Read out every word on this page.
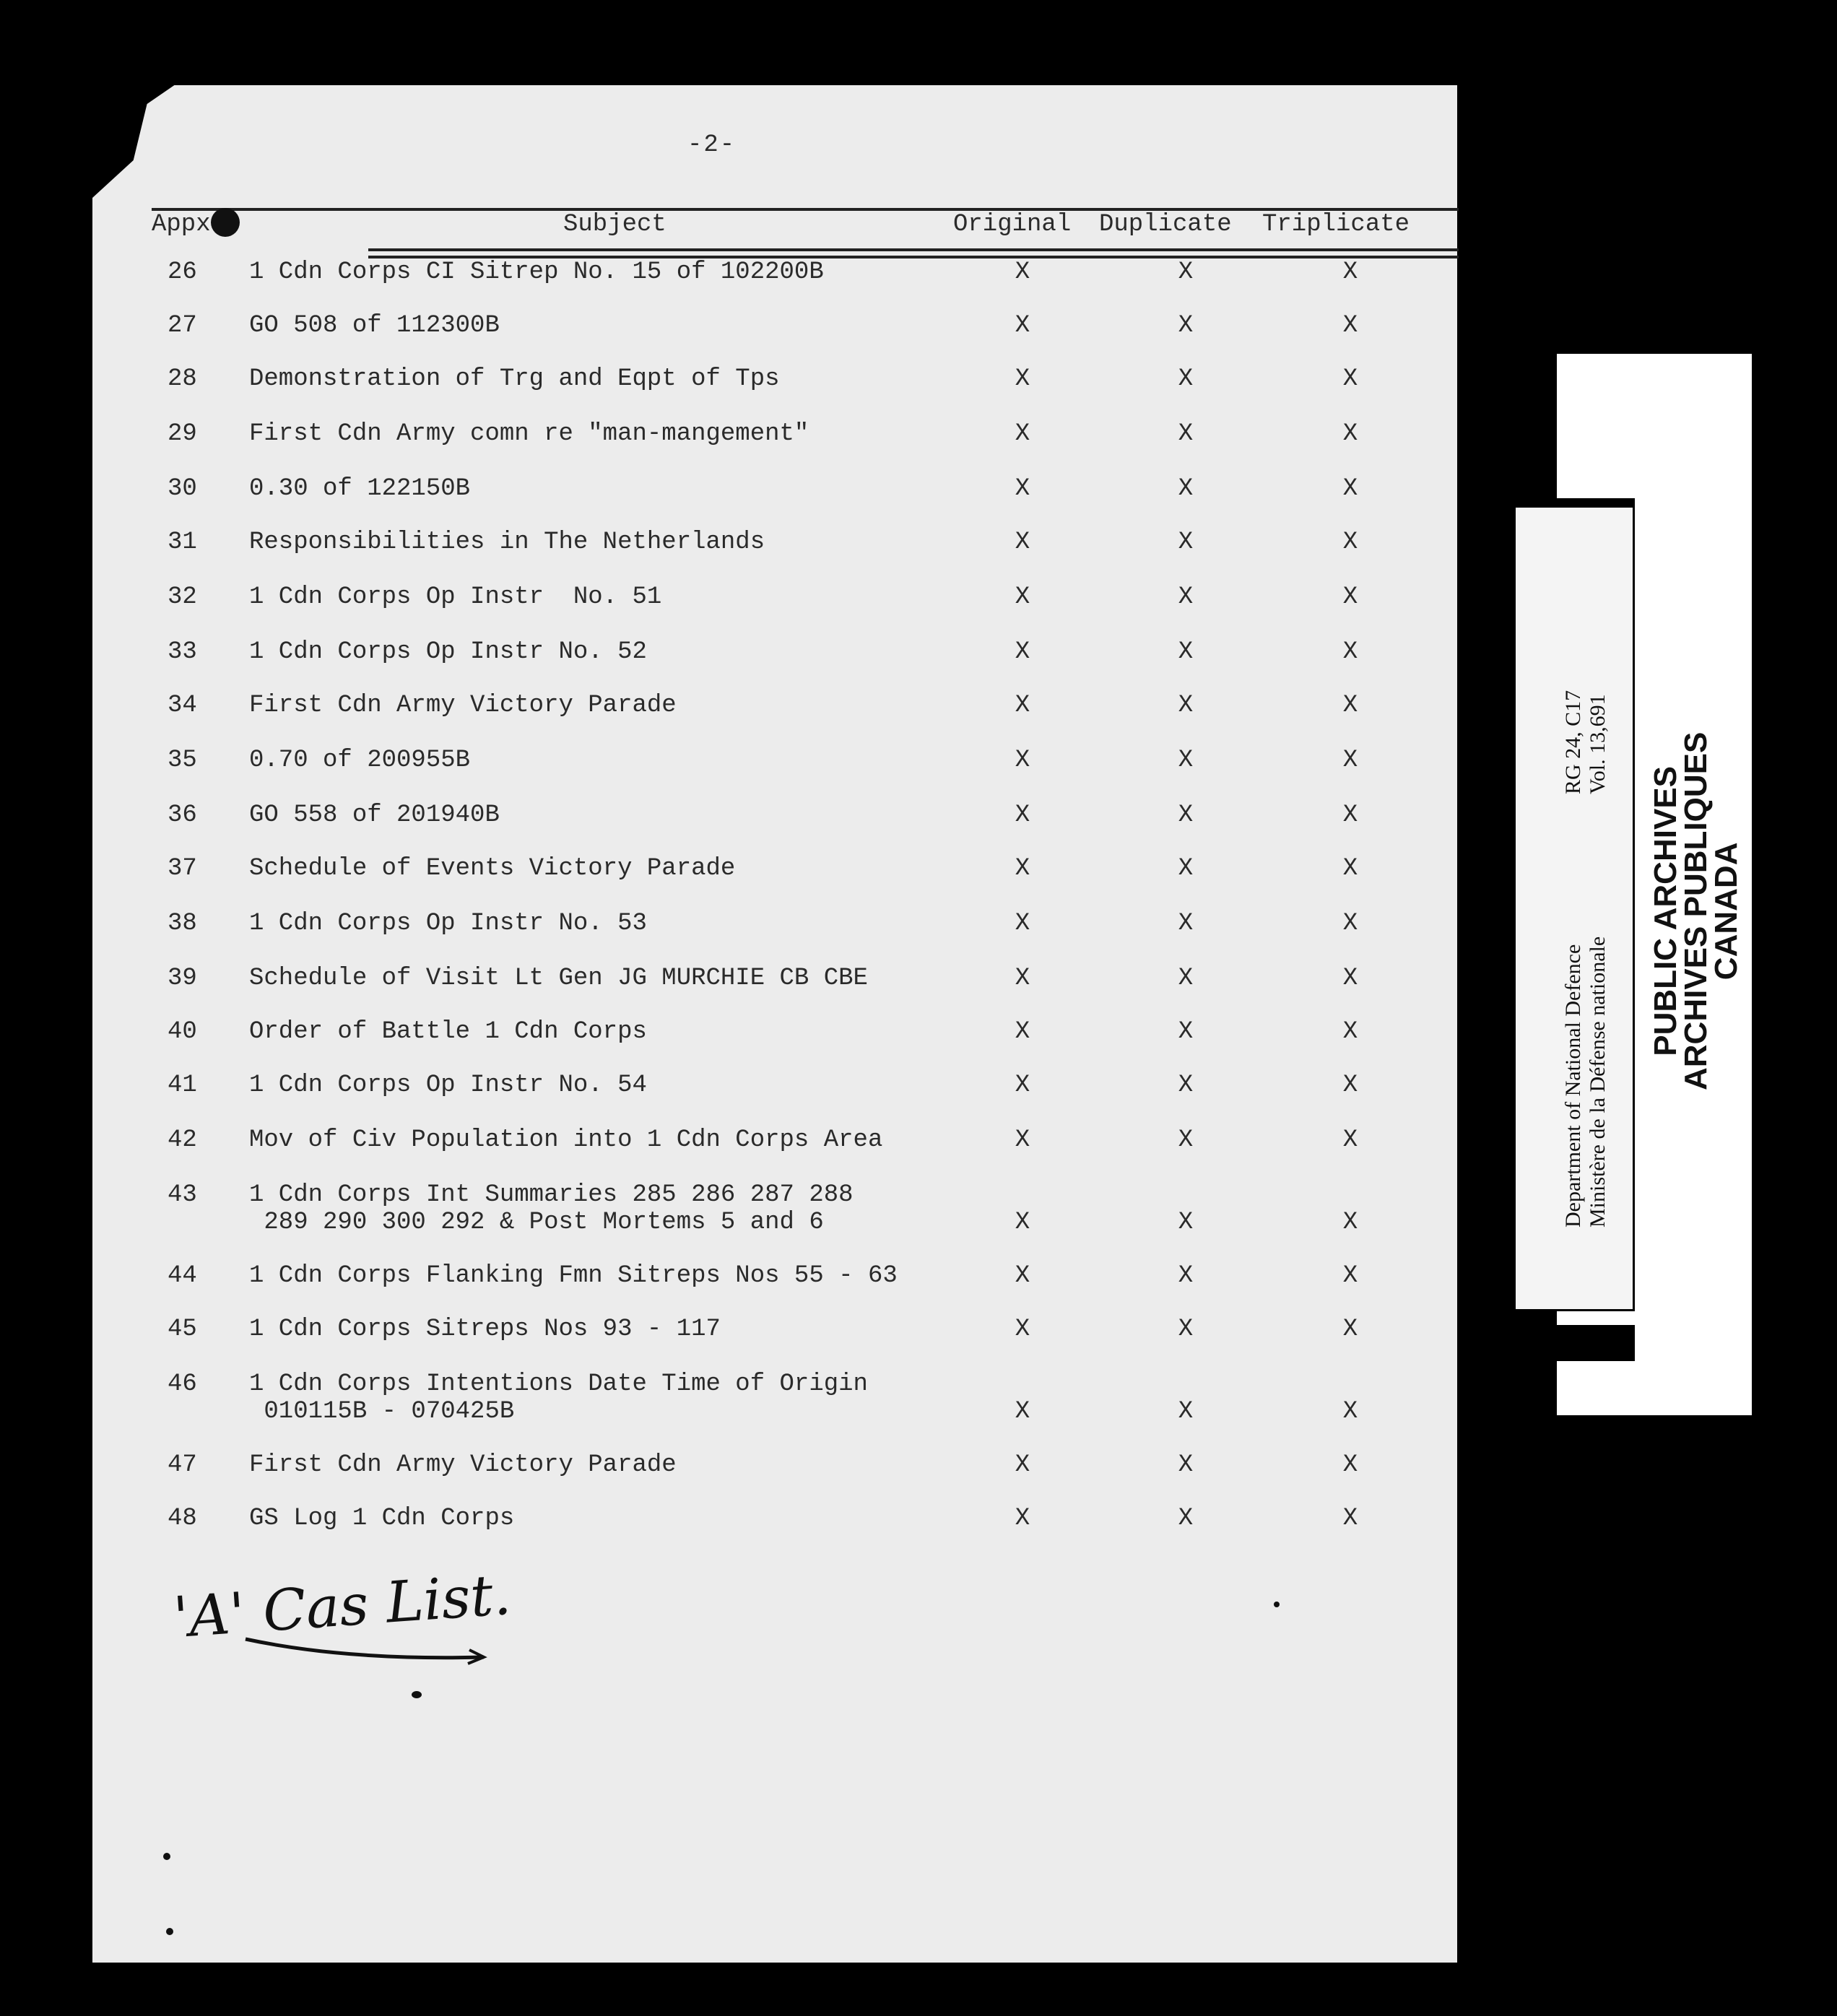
-2-
Appx	Subject	Original Duplicate Triplicate
26 1 Cdn Corps CI Sitrep No. 15 of 102200B	X	X	X
27 GO 508 of 112300B	X	X	X
28 Demonstration of Trg and Eqpt of Tps	X	X	X
29 First Cdn Army comn re "man-mangement"	X	X	X
30 0.30 of 122150B	X	X	X
31 Responsibilities in The Netherlands	X	X	X
32 1 Cdn Corps Op Instr  No. 51	X	X	X
33 1 Cdn Corps Op Instr No. 52	X	X	X
34 First Cdn Army Victory Parade	X	X	X
35 0.70 of 200955B	X	X	X
36 GO 558 of 201940B	X	X	X
37 Schedule of Events Victory Parade	X	X	X
38 1 Cdn Corps Op Instr No. 53	X	X	X
39 Schedule of Visit Lt Gen JG MURCHIE CB CBE	X	X	X
40 Order of Battle 1 Cdn Corps	X	X	X
41 1 Cdn Corps Op Instr No. 54	X	X	X
42 Mov of Civ Population into 1 Cdn Corps Area	X	X	X
43 1 Cdn Corps Int Summaries 285 286 287 288
289 290 300 292 & Post Mortems 5 and 6	X	X	X
44 1 Cdn Corps Flanking Fmn Sitreps Nos 55 - 63	X	X	X
45 1 Cdn Corps Sitreps Nos 93 - 117	X	X	X
46 1 Cdn Corps Intentions Date Time of Origin
010115B - 070425B	X	X	X
47 First Cdn Army Victory Parade	X	X	X
48 GS Log 1 Cdn Corps	X	X	X
'A' Cas List.
PUBLIC ARCHIVES
ARCHIVES PUBLIQUES
CANADA
Department of National Defence Ministère de la Défense nationale
RG 24, C17 Vol. 13,691
